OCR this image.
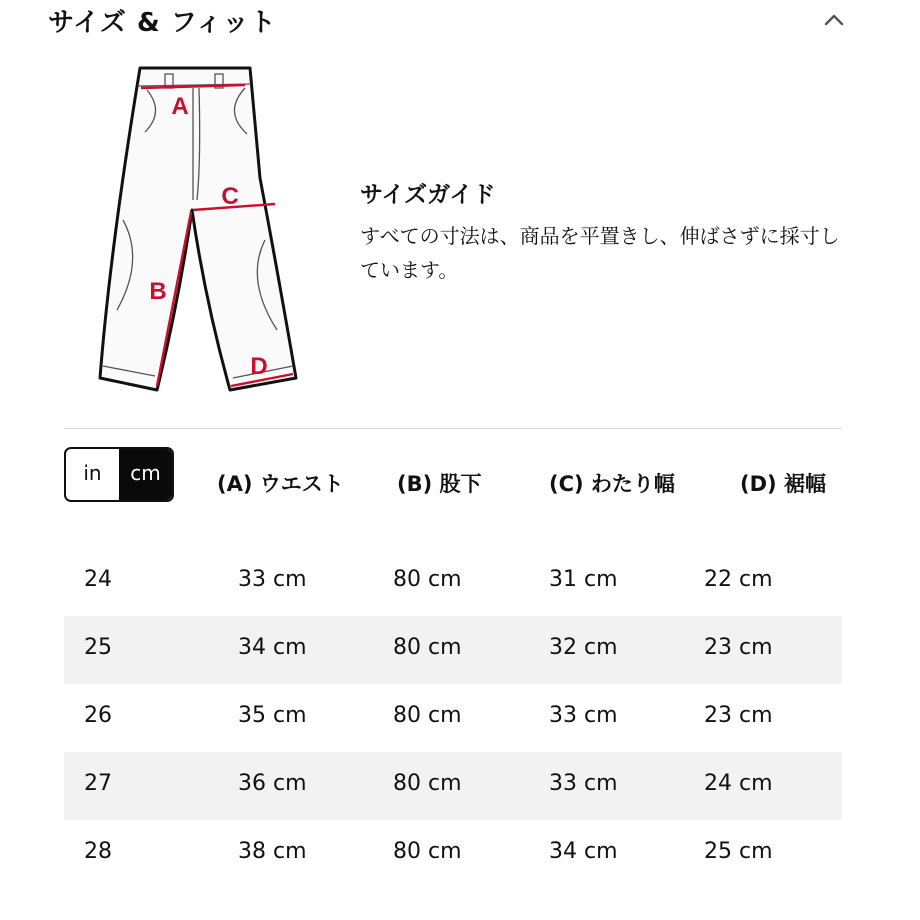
サイズ & フィット
A
C
B
D
サイズガイド
すべての寸法は、商品を平置きし、伸ばさずに採寸しています。
in	cm	(A) ウエスト	(B) 股下	(C) わたり幅	(D) 裾幅
24	33 cm	80 cm	31 cm	22 cm
25	34 cm	80 cm	32 cm	23 cm
26	35 cm	80 cm	33 cm	23 cm
27	36 cm	80 cm	33 cm	24 cm
28	38 cm	80 cm	34 cm	25 cm
